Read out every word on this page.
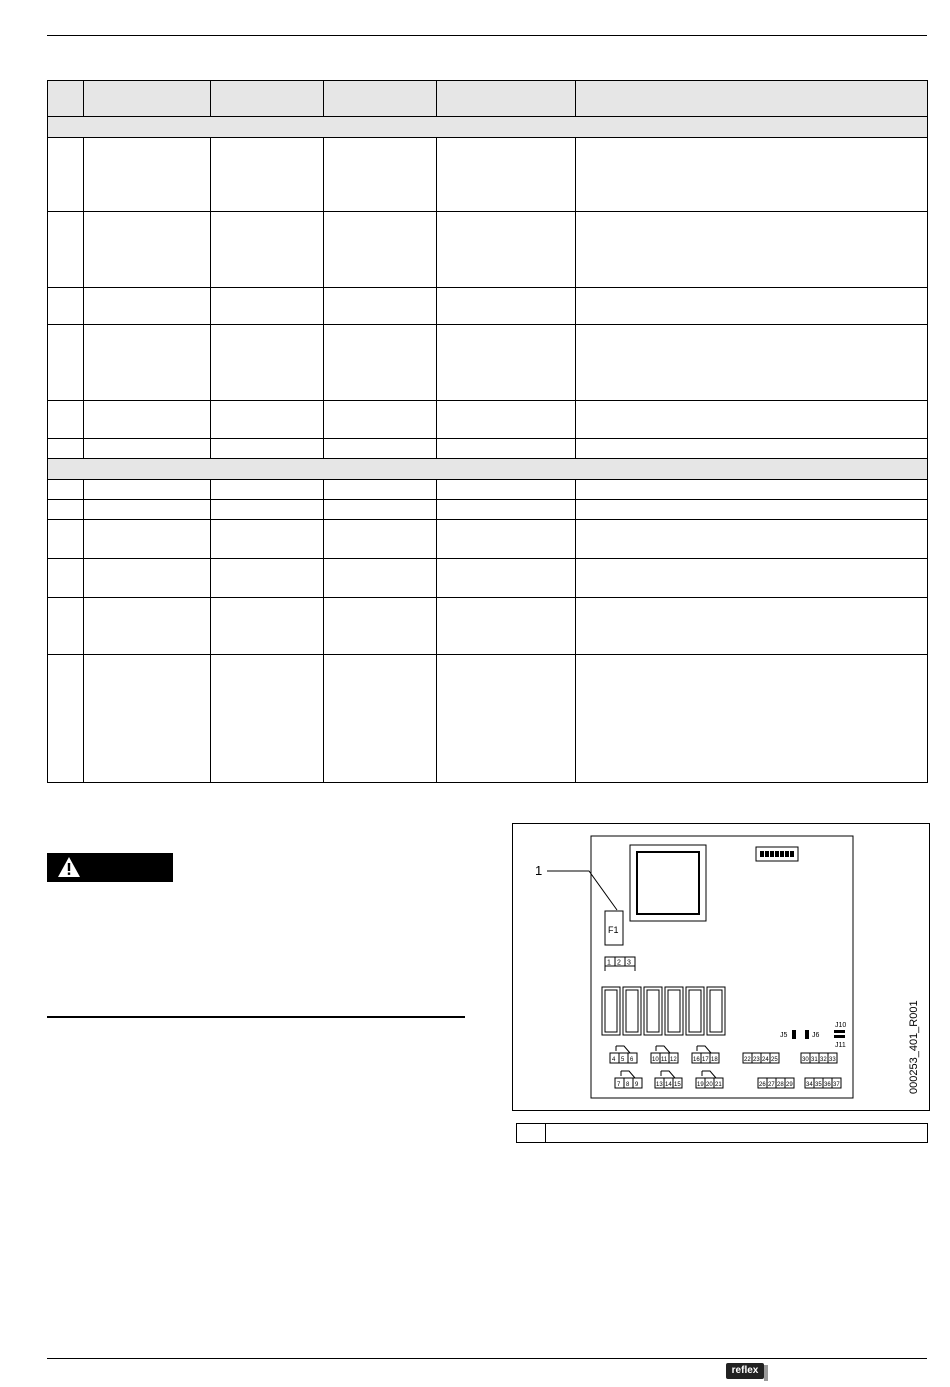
1
F1
1 2 3
J5	J6
J10
J11
4 5 6	10 11 12	16 17 18	22 23 24 25	30 31 32 33
7 8 9	13 14 15	19 20 21	26 27 28 29 34 35 36 37	000253_401_R001
reflex
